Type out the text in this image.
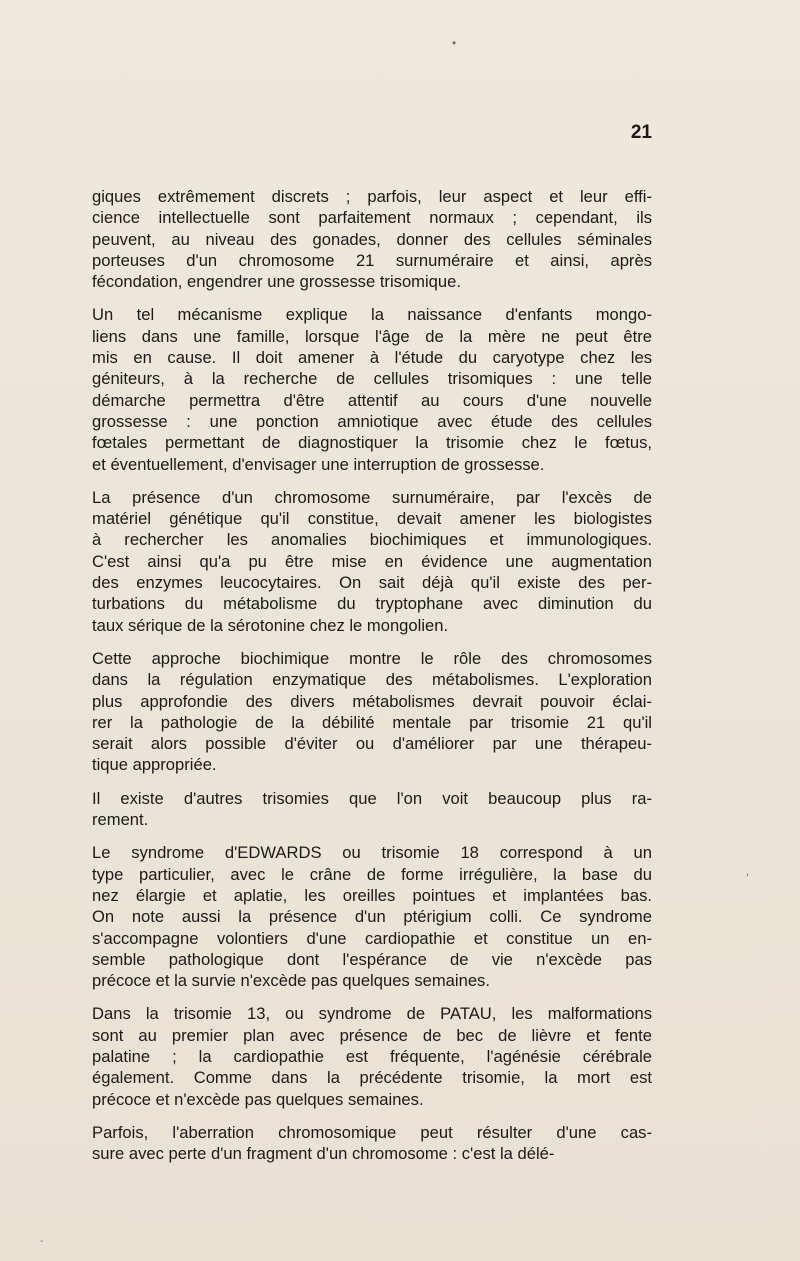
•
,
-
21

giques extrêmement discrets ; parfois, leur aspect et leur effi-
cience intellectuelle sont parfaitement normaux ; cependant, ils
peuvent, au niveau des gonades, donner des cellules séminales
porteuses d'un chromosome 21 surnuméraire et ainsi, après
fécondation, engendrer une grossesse trisomique.

Un tel mécanisme explique la naissance d'enfants mongo-
liens dans une famille, lorsque l'âge de la mère ne peut être
mis en cause. Il doit amener à l'étude du caryotype chez les
géniteurs, à la recherche de cellules trisomiques : une telle
démarche permettra d'être attentif au cours d'une nouvelle
grossesse : une ponction amniotique avec étude des cellules
fœtales permettant de diagnostiquer la trisomie chez le fœtus,
et éventuellement, d'envisager une interruption de grossesse.

La présence d'un chromosome surnuméraire, par l'excès de
matériel génétique qu'il constitue, devait amener les biologistes
à rechercher les anomalies biochimiques et immunologiques.
C'est ainsi qu'a pu être mise en évidence une augmentation
des enzymes leucocytaires. On sait déjà qu'il existe des per-
turbations du métabolisme du tryptophane avec diminution du
taux sérique de la sérotonine chez le mongolien.

Cette approche biochimique montre le rôle des chromosomes
dans la régulation enzymatique des métabolismes. L'exploration
plus approfondie des divers métabolismes devrait pouvoir éclai-
rer la pathologie de la débilité mentale par trisomie 21 qu'il
serait alors possible d'éviter ou d'améliorer par une thérapeu-
tique appropriée.

Il existe d'autres trisomies que l'on voit beaucoup plus ra-
rement.

Le syndrome d'EDWARDS ou trisomie 18 correspond à un
type particulier, avec le crâne de forme irrégulière, la base du
nez élargie et aplatie, les oreilles pointues et implantées bas.
On note aussi la présence d'un ptérigium colli. Ce syndrome
s'accompagne volontiers d'une cardiopathie et constitue un en-
semble pathologique dont l'espérance de vie n'excède pas
précoce et la survie n'excède pas quelques semaines.

Dans la trisomie 13, ou syndrome de PATAU, les malformations
sont au premier plan avec présence de bec de lièvre et fente
palatine ; la cardiopathie est fréquente, l'agénésie cérébrale
également. Comme dans la précédente trisomie, la mort est
précoce et n'excède pas quelques semaines.

Parfois, l'aberration chromosomique peut résulter d'une cas-
sure avec perte d'un fragment d'un chromosome : c'est la délé-
